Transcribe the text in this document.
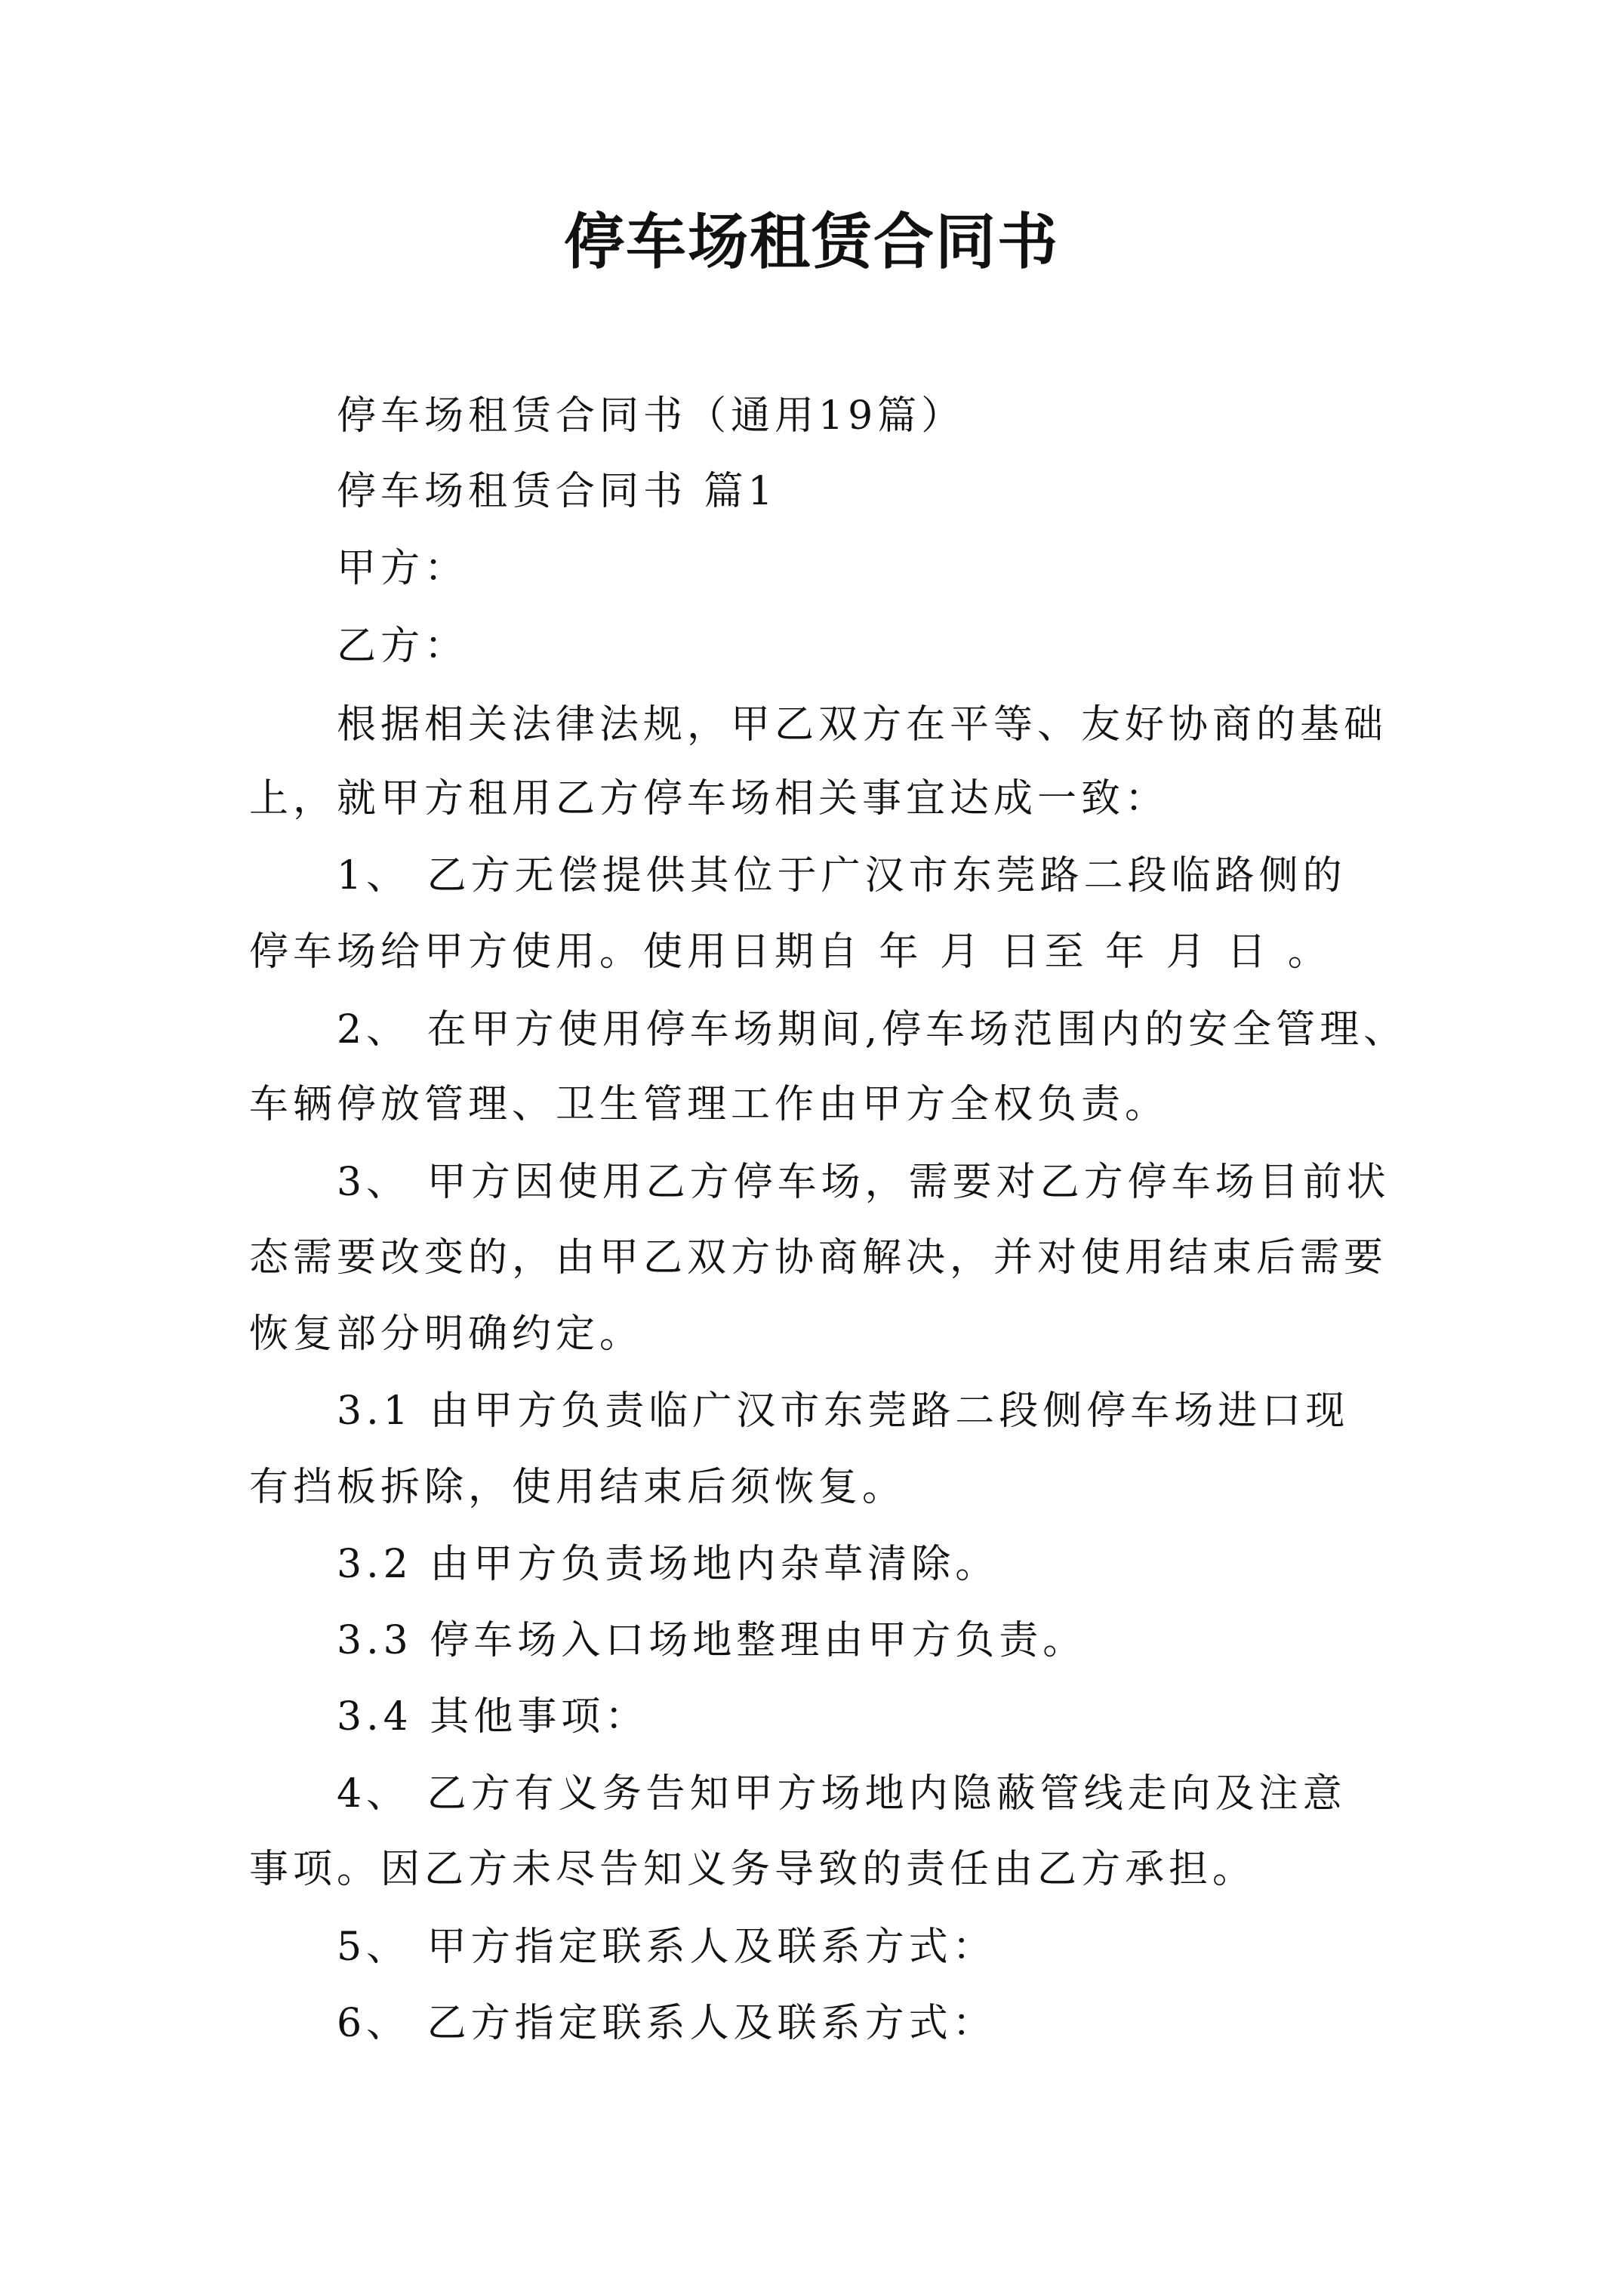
停车场租赁合同书
停车场租赁合同书（通用19篇）
停车场租赁合同书 篇1
甲方：
乙方：
根据相关法律法规，甲乙双方在平等、友好协商的基础
上，就甲方租用乙方停车场相关事宜达成一致：
1、 乙方无偿提供其位于广汉市东莞路二段临路侧的
停车场给甲方使用。使用日期自 年 月 日至 年 月 日 。
2、 在甲方使用停车场期间,停车场范围内的安全管理、
车辆停放管理、卫生管理工作由甲方全权负责。
3、 甲方因使用乙方停车场，需要对乙方停车场目前状
态需要改变的，由甲乙双方协商解决，并对使用结束后需要
恢复部分明确约定。
3.1 由甲方负责临广汉市东莞路二段侧停车场进口现
有挡板拆除，使用结束后须恢复。
3.2 由甲方负责场地内杂草清除。
3.3 停车场入口场地整理由甲方负责。
3.4 其他事项：
4、 乙方有义务告知甲方场地内隐蔽管线走向及注意
事项。因乙方未尽告知义务导致的责任由乙方承担。
5、 甲方指定联系人及联系方式：
6、 乙方指定联系人及联系方式：
